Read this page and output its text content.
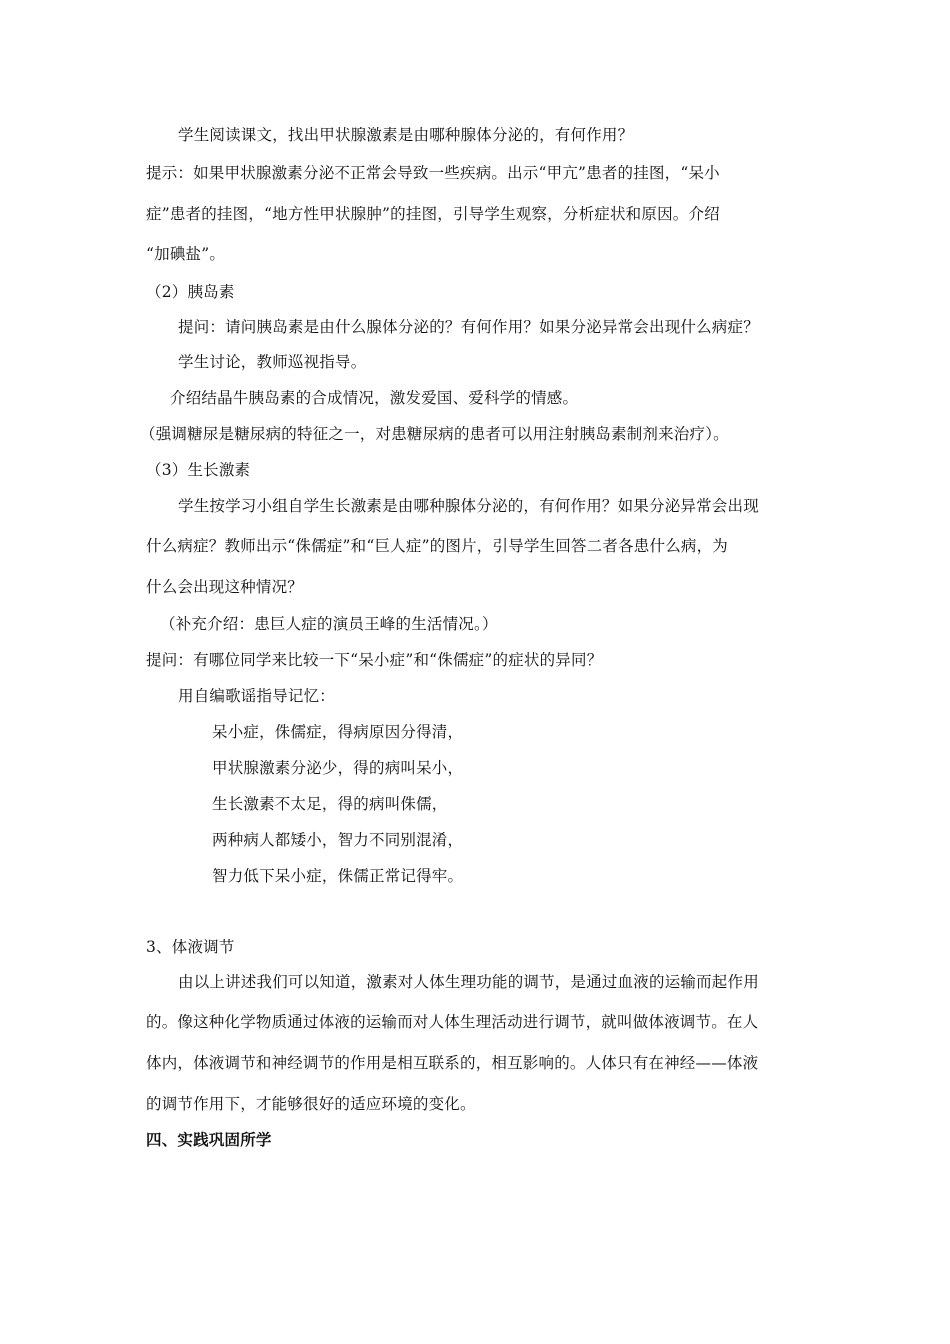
学生阅读课文，找出甲状腺激素是由哪种腺体分泌的，有何作用？
提示：如果甲状腺激素分泌不正常会导致一些疾病。出示“甲亢”患者的挂图，“呆小
症”患者的挂图，“地方性甲状腺肿”的挂图，引导学生观察，分析症状和原因。介绍
“加碘盐”。
（2）胰岛素
提问：请问胰岛素是由什么腺体分泌的？有何作用？如果分泌异常会出现什么病症？
学生讨论，教师巡视指导。
介绍结晶牛胰岛素的合成情况，激发爱国、爱科学的情感。
（强调糖尿是糖尿病的特征之一，对患糖尿病的患者可以用注射胰岛素制剂来治疗）。
（3）生长激素
学生按学习小组自学生长激素是由哪种腺体分泌的，有何作用？如果分泌异常会出现
什么病症？教师出示“侏儒症”和“巨人症”的图片，引导学生回答二者各患什么病，为
什么会出现这种情况？
（补充介绍：患巨人症的演员王峰的生活情况。）
提问：有哪位同学来比较一下“呆小症”和“侏儒症”的症状的异同？
用自编歌谣指导记忆：
呆小症，侏儒症，得病原因分得清，
甲状腺激素分泌少，得的病叫呆小，
生长激素不太足，得的病叫侏儒，
两种病人都矮小，智力不同别混淆，
智力低下呆小症，侏儒正常记得牢。
3、体液调节
由以上讲述我们可以知道，激素对人体生理功能的调节，是通过血液的运输而起作用
的。像这种化学物质通过体液的运输而对人体生理活动进行调节，就叫做体液调节。在人
体内，体液调节和神经调节的作用是相互联系的，相互影响的。人体只有在神经——体液
的调节作用下，才能够很好的适应环境的变化。
四、实践巩固所学
